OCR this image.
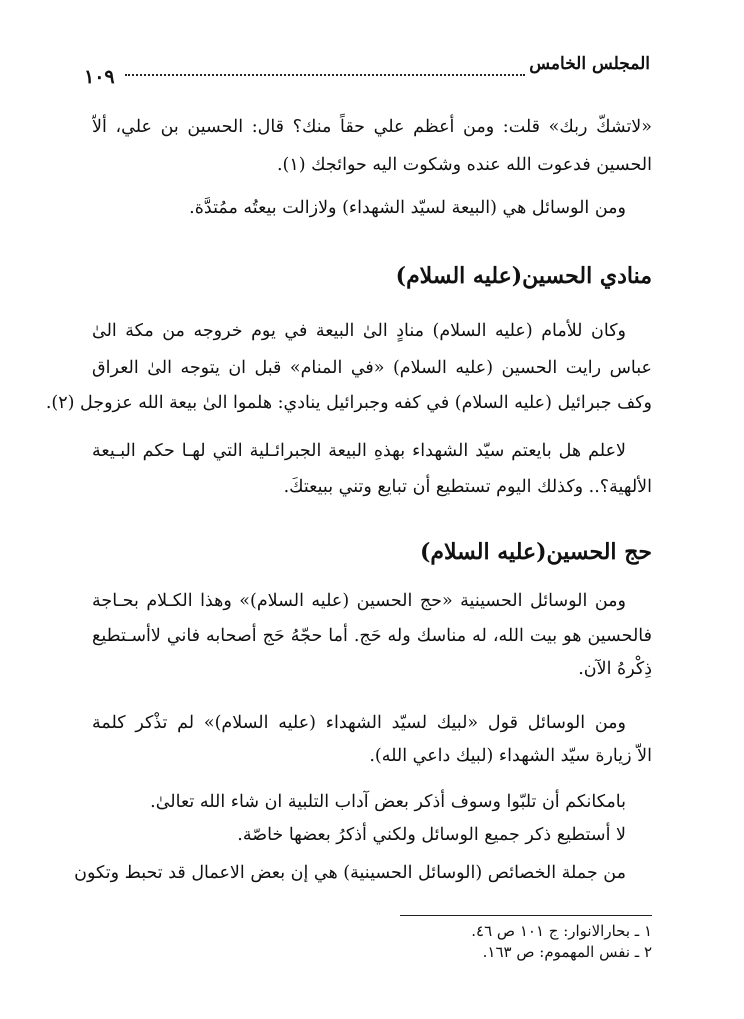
المجلس الخامس
١٠٩
«لاتشكّ ربك» قلت: ومن أعظم علي حقاً منك؟ قال: الحسين بن علي، ألاّ
الحسين فدعوت الله عنده وشكوت اليه حوائجك (١).
ومن الوسائل هي (البيعة لسيّد الشهداء) ولازالت بيعتُه ممُتدَّة.
منادي الحسين(عليه السلام)
وكان للأمام (عليه السلام) منادٍ الىٰ البيعة في يوم خروجه من مكة الىٰ
عباس رايت الحسين (عليه السلام) «في المنام» قبل ان يتوجه الىٰ العراق
وكف جبرائيل (عليه السلام) في كفه وجبرائيل ينادي: هلموا الىٰ بيعة الله عزوجل (٢).
لاعلم هل بايعتم سيّد الشهداء بهذهِ البيعة الجبرائـلية التي لهـا حكم البـيعة
الألهية؟.. وكذلك اليوم تستطيع أن تبايع وتني ببيعتكَ.
حج الحسين(عليه السلام)
ومن الوسائل الحسينية «حج الحسين (عليه السلام)» وهذا الكـلام بحـاجة
فالحسين هو بيت الله، له مناسك وله حَج. أما حجّهُ حَج أصحابه فاني لاأسـتطيع
ذِكْرهُ الآن.
ومن الوسائل قول «لبيك لسيّد الشهداء (عليه السلام)» لم تذْكر كلمة
الاّ زيارة سيّد الشهداء (لبيك داعي الله).
بامكانكم أن تلبّوا وسوف أذكر بعض آداب التلبية ان شاء الله تعالىٰ.
لا أستطيع ذكر جميع الوسائل ولكني أذكرُ بعضها خاصّة.
من جملة الخصائص (الوسائل الحسينية) هي إن بعض الاعمال قد تحبط وتكون
١ ـ بحارالانوار: ج ١٠١ ص ٤٦.
٢ ـ نفس المهموم: ص ١٦٣.
